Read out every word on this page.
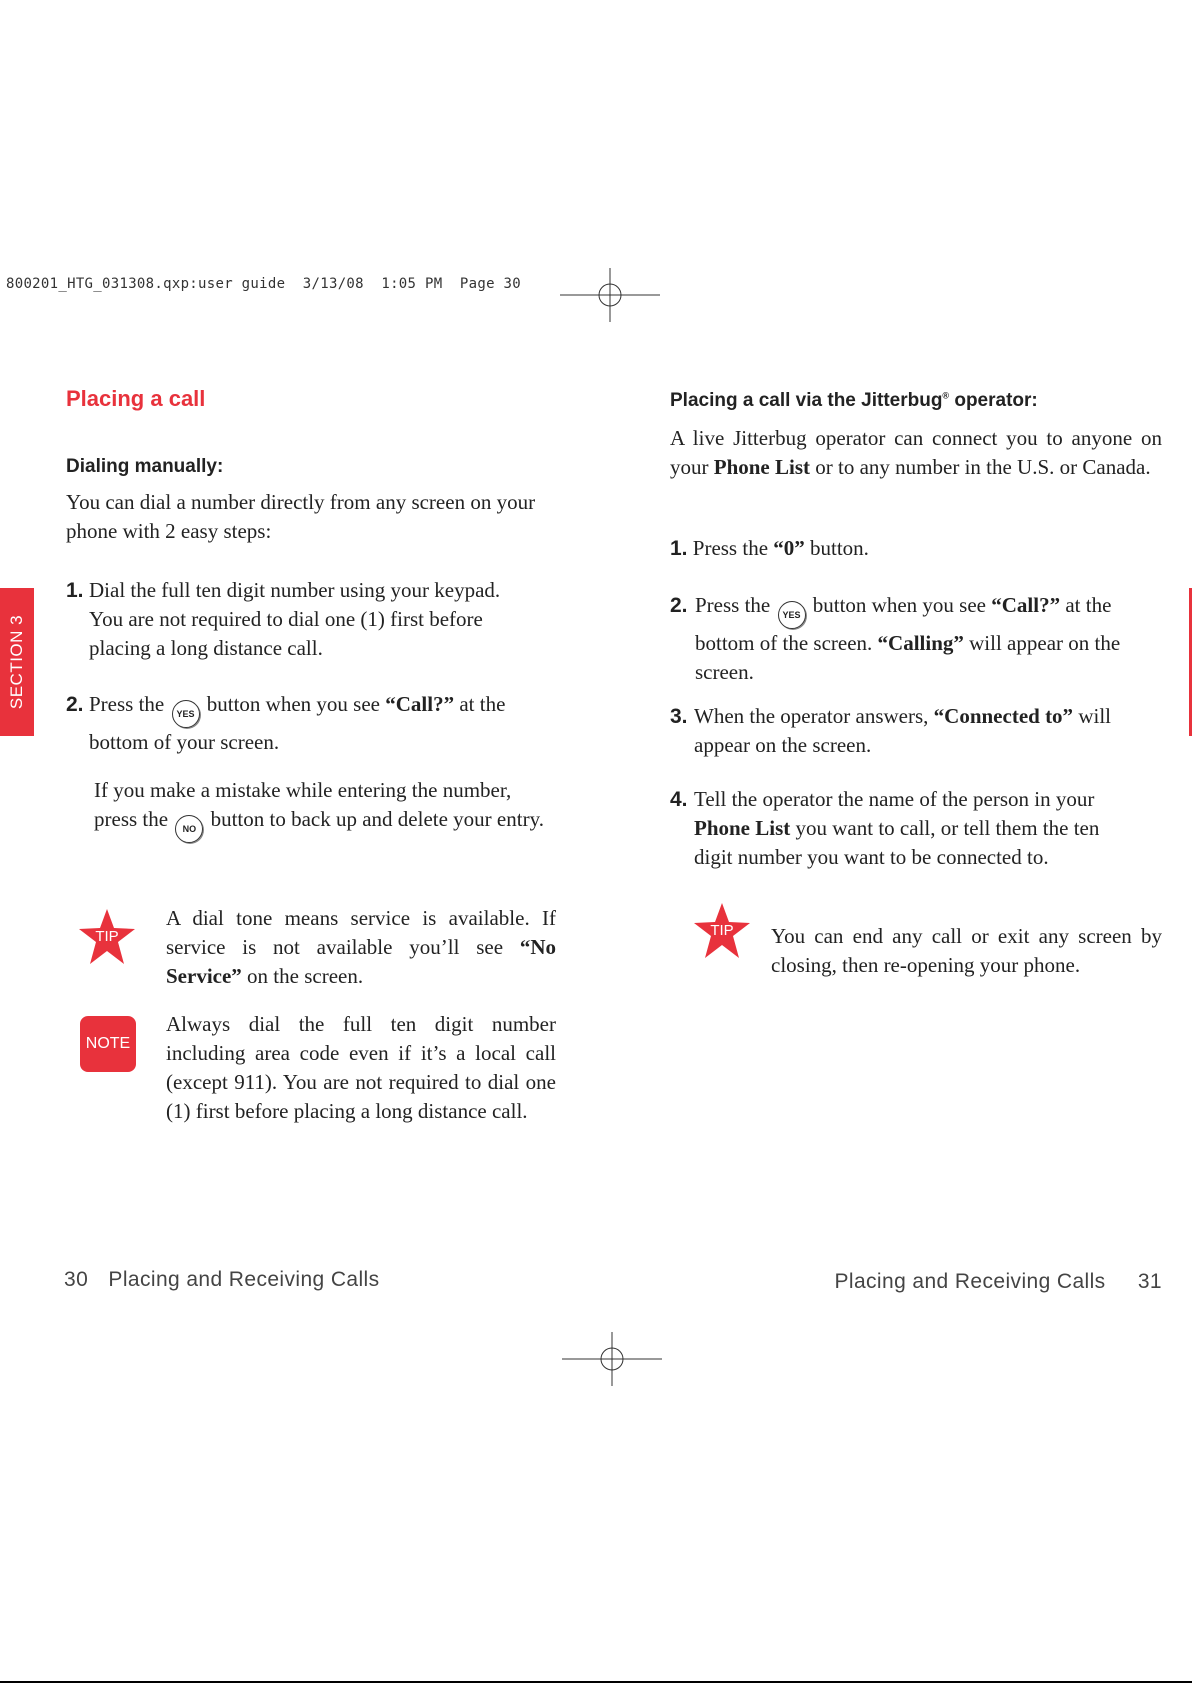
800201_HTG_031308.qxp:user guide  3/13/08  1:05 PM  Page 30
SECTION 3
Placing a call
Dialing manually:
You can dial a number directly from any screen on your phone with 2 easy steps:
1. Dial the full ten digit number using your keypad. You are not required to dial one (1) first before placing a long distance call.
2. Press the YES button when you see “Call?” at the bottom of your screen.
If you make a mistake while entering the number, press the NO button to back up and delete your entry.
TIP
A dial tone means service is available. If service is not available you’ll see “No Service” on the screen.
NOTE
Always dial the full ten digit number including area code even if it’s a local call (except 911). You are not required to dial one (1) first before placing a long distance call.
Placing a call via the Jitterbug® operator:
A live Jitterbug operator can connect you to anyone on your Phone List or to any number in the U.S. or Canada.
1. Press the “0” button.
2. Press the YES button when you see “Call?” at the bottom of the screen. “Calling” will appear on the screen.
3. When the operator answers, “Connected to” will appear on the screen.
4. Tell the operator the name of the person in your Phone List you want to call, or tell them the ten digit number you want to be connected to.
TIP	You can end any call or exit any screen by closing, then re-opening your phone.
30 Placing and Receiving Calls	Placing and Receiving Calls 31
